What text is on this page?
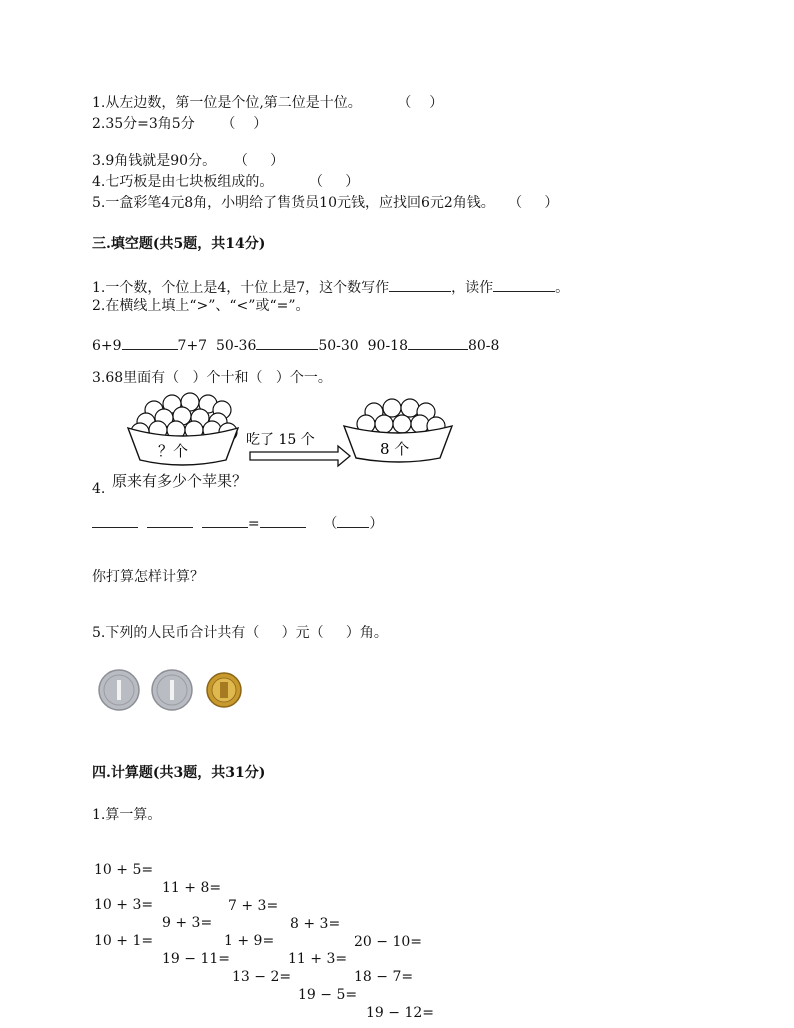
1.从左边数，第一位是个位,第二位是十位。        （    ）
2.35分=3角5分      （    ）
3.9角钱就是90分。    （     ）
4.七巧板是由七块板组成的。        （     ）
5.一盒彩笔4元8角，小明给了售货员10元钱，应找回6元2角钱。   （     ）
三.填空题(共5题，共14分)
1.一个数，个位上是4，十位上是7，这个数写作	，读作	。
2.在横线上填上“>”、“<”或“=”。
6+9	7+7 50-36	50-30 90-18	80-8
3.68里面有（   ）个十和（   ）个一。
？个
吃了 15 个	8 个
4. 原来有多少个苹果？
=	（ ）
你打算怎样计算？
5.下列的人民币合计共有（     ）元（     ）角。
四.计算题(共3题，共31分)
1.算一算。

10 + 5=

11 + 8=

7 + 3=

8 + 3=

20 − 10=

10 + 3=

9 + 3=

1 + 9=

11 + 3=

18 − 7=

10 + 1=

19 − 11=

13 − 2=

19 − 5=

19 − 12=
